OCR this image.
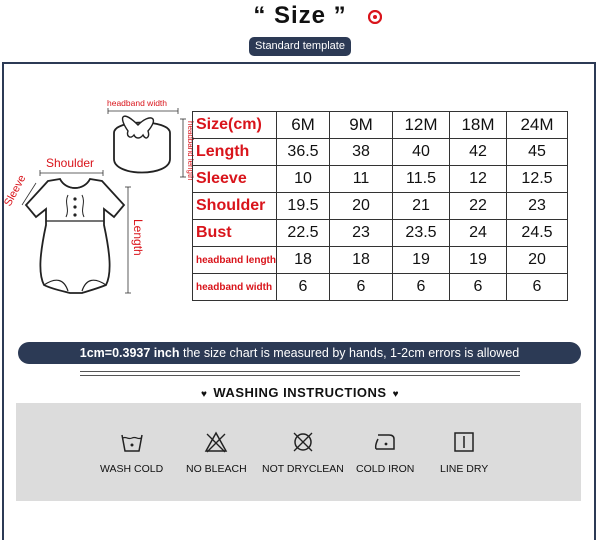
“ Size ”
Standard template
headband width
headband length
Shoulder
Sleeve
Length
Size(cm)	6M	9M	12M	18M	24M
Length	36.5	38	40	42	45
Sleeve	10	11	11.5	12	12.5
Shoulder	19.5	20	21	22	23
Bust	22.5	23	23.5	24	24.5
headband length	18	18	19	19	20
headband width	6	6	6	6	6
1cm=0.3937 inch the size chart is measured by hands, 1-2cm errors is allowed
♥ WASHING INSTRUCTIONS ♥
WASH COLD NO BLEACH NOT DRYCLEAN COLD IRON LINE DRY
